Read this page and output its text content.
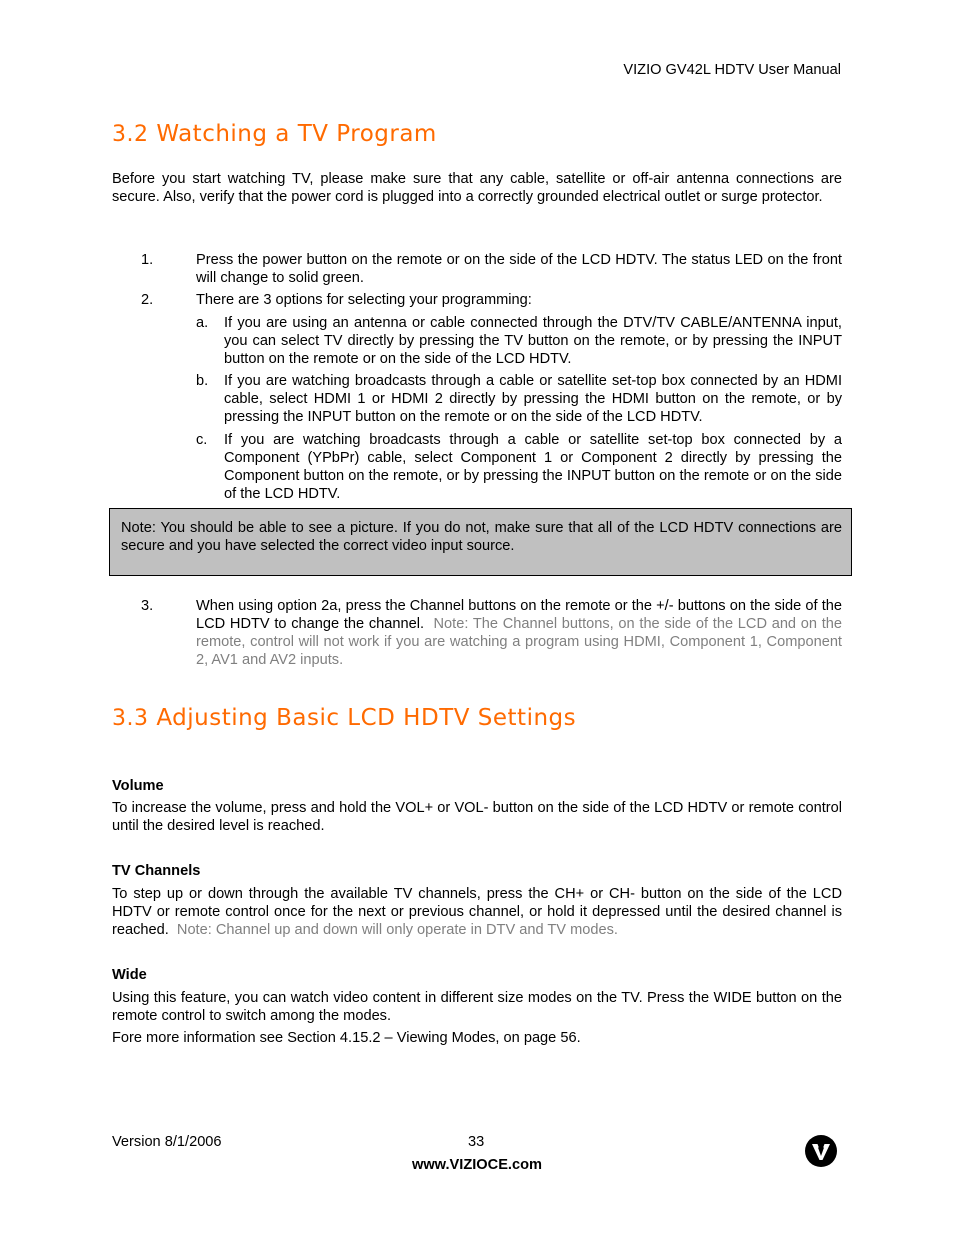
VIZIO GV42L HDTV User Manual
3.2 Watching a TV Program
Before you start watching TV, please make sure that any cable, satellite or off-air antenna connections are secure. Also, verify that the power cord is plugged into a correctly grounded electrical outlet or surge protector.
1.	Press the power button on the remote or on the side of the LCD HDTV. The status LED on the front will change to solid green.
2.	There are 3 options for selecting your programming:
a. If you are using an antenna or cable connected through the DTV/TV CABLE/ANTENNA input, you can select TV directly by pressing the TV button on the remote, or by pressing the INPUT button on the remote or on the side of the LCD HDTV.
b. If you are watching broadcasts through a cable or satellite set-top box connected by an HDMI cable, select HDMI 1 or HDMI 2 directly by pressing the HDMI button on the remote, or by pressing the INPUT button on the remote or on the side of the LCD HDTV.
c. If you are watching broadcasts through a cable or satellite set-top box connected by a Component (YPbPr) cable, select Component 1 or Component 2 directly by pressing the Component button on the remote, or by pressing the INPUT button on the remote or on the side of the LCD HDTV.
Note: You should be able to see a picture. If you do not, make sure that all of the LCD HDTV connections are secure and you have selected the correct video input source.
3.	When using option 2a, press the Channel buttons on the remote or the +/- buttons on the side of the LCD HDTV to change the channel. Note: The Channel buttons, on the side of the LCD and on the remote, control will not work if you are watching a program using HDMI, Component 1, Component 2, AV1 and AV2 inputs.
3.3 Adjusting Basic LCD HDTV Settings
Volume
To increase the volume, press and hold the VOL+ or VOL- button on the side of the LCD HDTV or remote control until the desired level is reached.
TV Channels
To step up or down through the available TV channels, press the CH+ or CH- button on the side of the LCD HDTV or remote control once for the next or previous channel, or hold it depressed until the desired channel is reached. Note: Channel up and down will only operate in DTV and TV modes.
Wide
Using this feature, you can watch video content in different size modes on the TV. Press the WIDE button on the remote control to switch among the modes.
Fore more information see Section 4.15.2 – Viewing Modes, on page 56.
Version 8/1/2006	33
www.VIZIOCE.com
